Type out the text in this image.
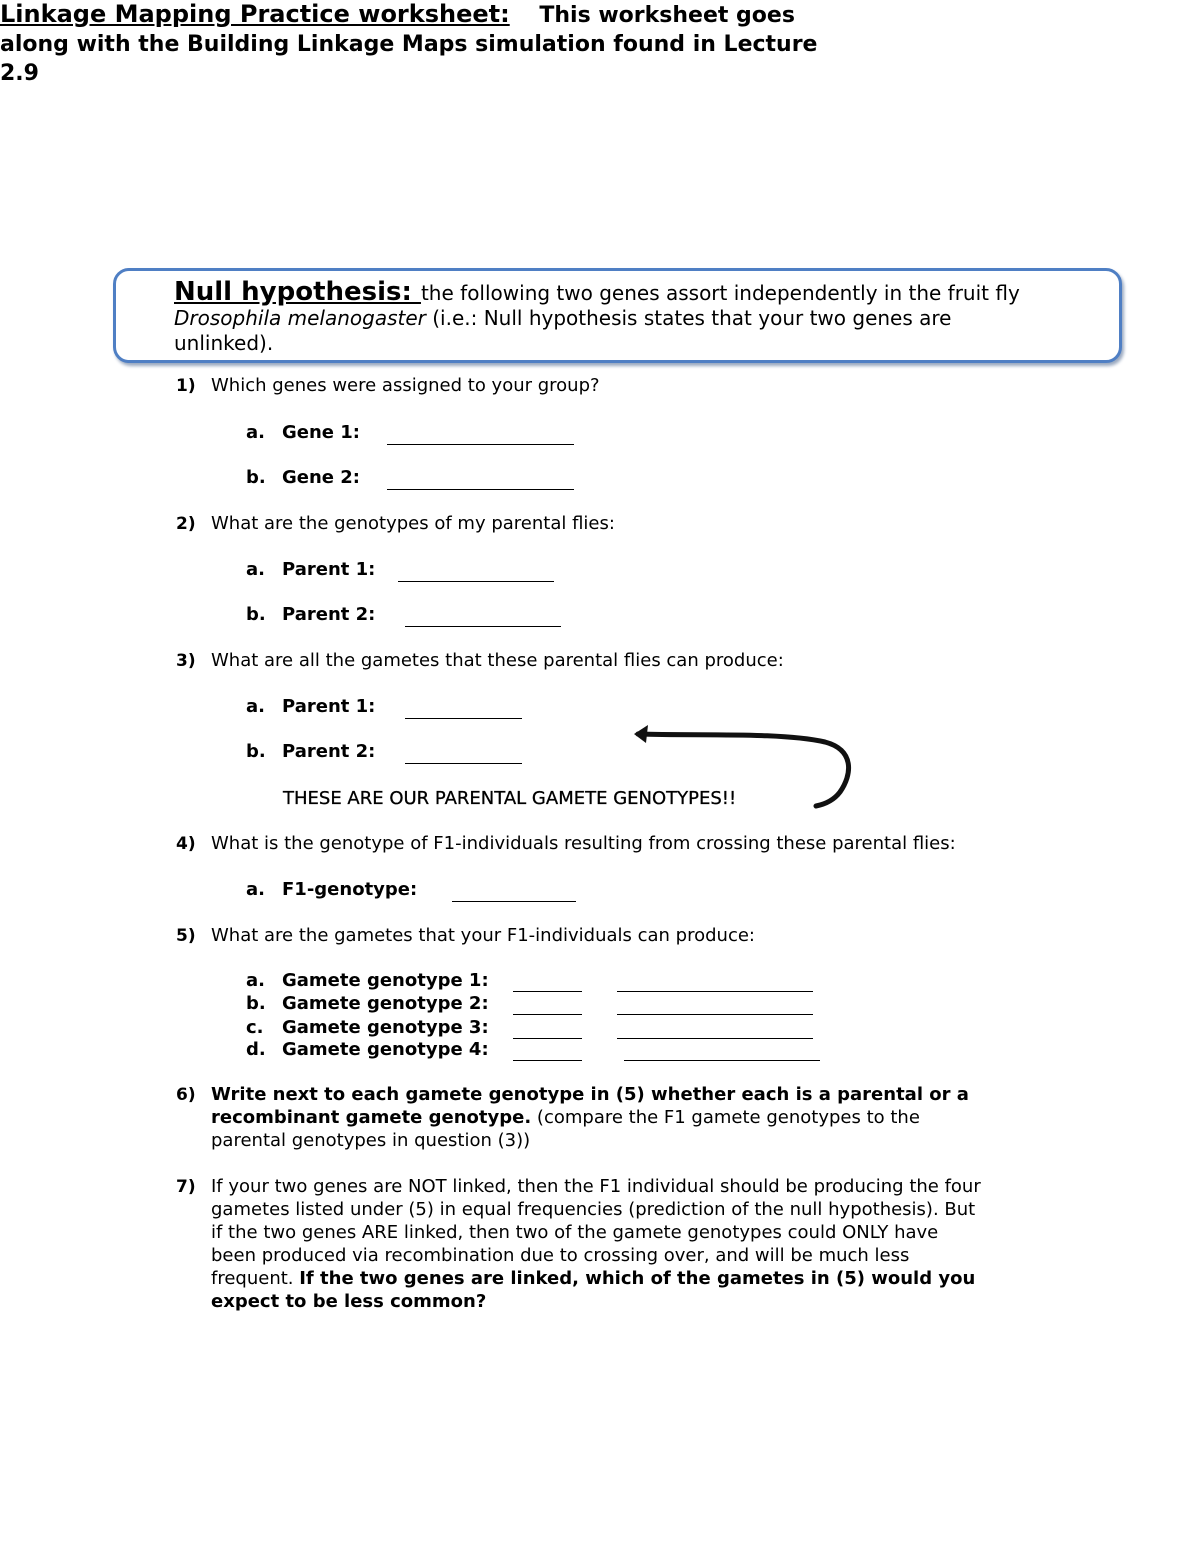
Linkage Mapping Practice worksheet: This worksheet goes
along with the Building Linkage Maps simulation found in Lecture
2.9
Null hypothesis: the following two genes assort independently in the fruit fly
Drosophila melanogaster (i.e.: Null hypothesis states that your two genes are
unlinked).
1) Which genes were assigned to your group?
a. Gene 1:
b. Gene 2:
2) What are the genotypes of my parental flies:
a. Parent 1:
b. Parent 2:
3) What are all the gametes that these parental flies can produce:
a. Parent 1:
b. Parent 2:
THESE ARE OUR PARENTAL GAMETE GENOTYPES!!
4) What is the genotype of F1-individuals resulting from crossing these parental flies:
a. F1-genotype:
5) What are the gametes that your F1-individuals can produce:
a. Gamete genotype 1:
b. Gamete genotype 2:
c. Gamete genotype 3:
d. Gamete genotype 4:
6) Write next to each gamete genotype in (5) whether each is a parental or a
recombinant gamete genotype. (compare the F1 gamete genotypes to the
parental genotypes in question (3))
7) If your two genes are NOT linked, then the F1 individual should be producing the four
gametes listed under (5) in equal frequencies (prediction of the null hypothesis). But
if the two genes ARE linked, then two of the gamete genotypes could ONLY have
been produced via recombination due to crossing over, and will be much less
frequent. If the two genes are linked, which of the gametes in (5) would you
expect to be less common?
